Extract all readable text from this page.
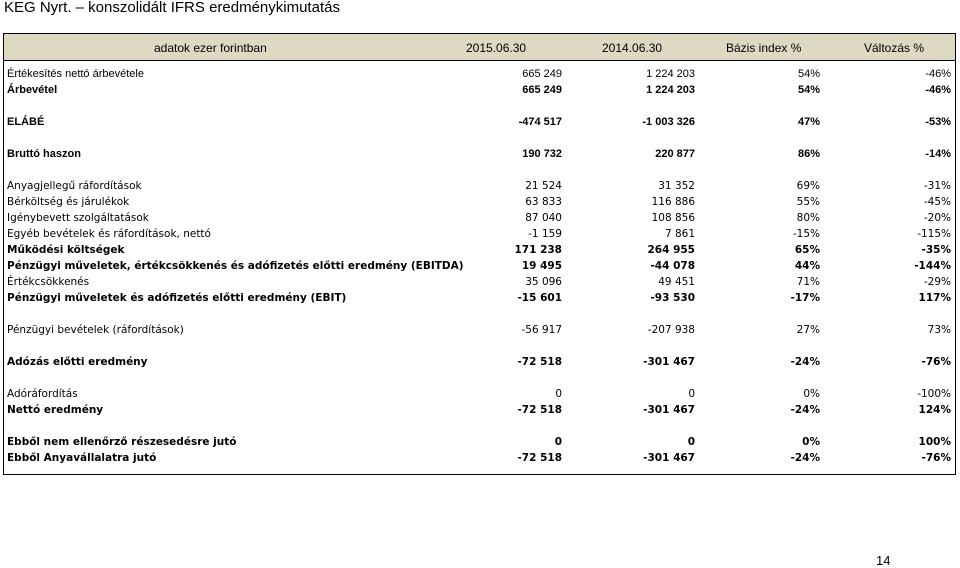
KEG Nyrt. – konszolidált IFRS eredménykimutatás
adatok ezer forintban	2015.06.30	2014.06.30	Bázis index %	Változás %
Értékesítés nettó árbevétele	665 249	1 224 203	54%	-46%
Árbevétel	665 249	1 224 203	54%	-46%
ELÁBÉ	-474 517	-1 003 326	47%	-53%
Bruttó haszon	190 732	220 877	86%	-14%
Anyagjellegű ráfordítások	21 524	31 352	69%	-31%
Bérköltség és járulékok	63 833	116 886	55%	-45%
Igénybevett szolgáltatások	87 040	108 856	80%	-20%
Egyéb bevételek és ráfordítások, nettó	-1 159	7 861	-15%	-115%
Működési költségek	171 238	264 955	65%	-35%
Pénzügyi műveletek, értékcsökkenés és adófizetés előtti eredmény (EBITDA)	19 495	-44 078	44%	-144%
Értékcsökkenés	35 096	49 451	71%	-29%
Pénzügyi műveletek és adófizetés előtti eredmény (EBIT)	-15 601	-93 530	-17%	117%
Pénzügyi bevételek (ráfordítások)	-56 917	-207 938	27%	73%
Adózás előtti eredmény	-72 518	-301 467	-24%	-76%
Adóráfordítás	0	0	0%	-100%
Nettó eredmény	-72 518	-301 467	-24%	124%
Ebből nem ellenőrző részesedésre jutó	0	0	0%	100%
Ebből Anyavállalatra jutó	-72 518	-301 467	-24%	-76%
14
